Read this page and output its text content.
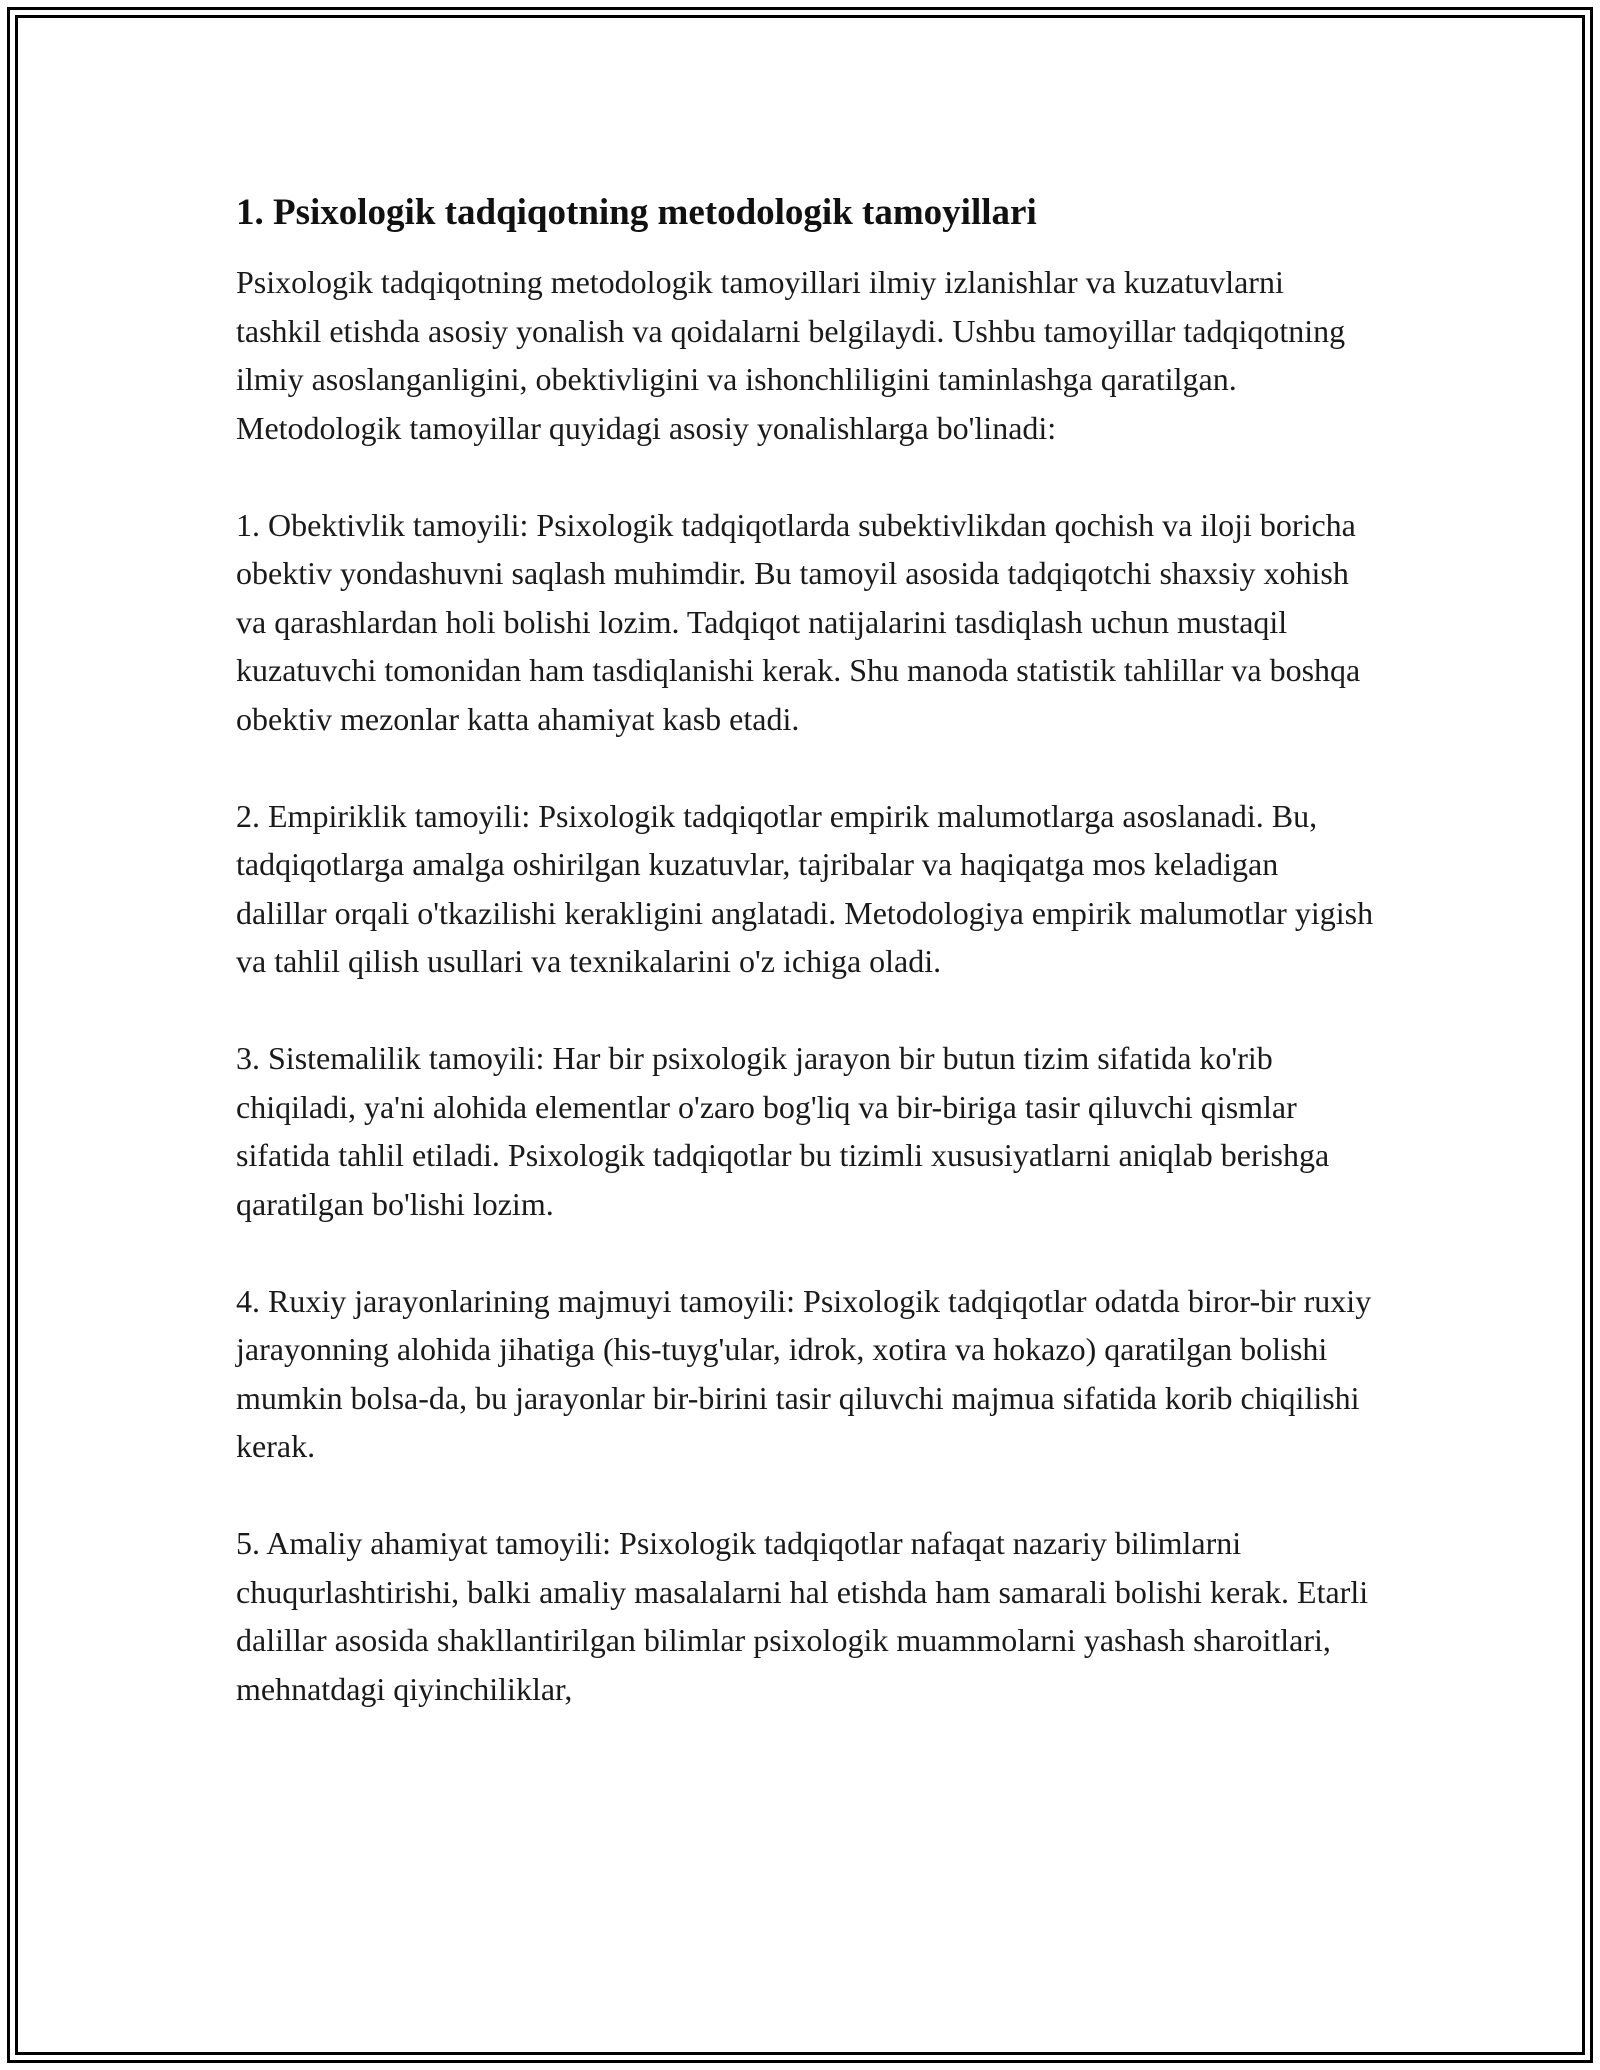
1. Psixologik tadqiqotning metodologik tamoyillari

Psixologik tadqiqotning metodologik tamoyillari ilmiy izlanishlar va kuzatuvlarni tashkil etishda asosiy yonalish va qoidalarni belgilaydi. Ushbu tamoyillar tadqiqotning ilmiy asoslanganligini, obektivligini va ishonchliligini taminlashga qaratilgan. Metodologik tamoyillar quyidagi asosiy yonalishlarga bo'linadi:

1. Obektivlik tamoyili: Psixologik tadqiqotlarda subektivlikdan qochish va iloji boricha obektiv yondashuvni saqlash muhimdir. Bu tamoyil asosida tadqiqotchi shaxsiy xohish va qarashlardan holi bolishi lozim. Tadqiqot natijalarini tasdiqlash uchun mustaqil kuzatuvchi tomonidan ham tasdiqlanishi kerak. Shu manoda statistik tahlillar va boshqa obektiv mezonlar katta ahamiyat kasb etadi.

2. Empiriklik tamoyili: Psixologik tadqiqotlar empirik malumotlarga asoslanadi. Bu, tadqiqotlarga amalga oshirilgan kuzatuvlar, tajribalar va haqiqatga mos keladigan dalillar orqali o'tkazilishi kerakligini anglatadi. Metodologiya empirik malumotlar yigish va tahlil qilish usullari va texnikalarini o'z ichiga oladi.

3. Sistemalilik tamoyili: Har bir psixologik jarayon bir butun tizim sifatida ko'rib chiqiladi, ya'ni alohida elementlar o'zaro bog'liq va bir-biriga tasir qiluvchi qismlar sifatida tahlil etiladi. Psixologik tadqiqotlar bu tizimli xususiyatlarni aniqlab berishga qaratilgan bo'lishi lozim.

4. Ruxiy jarayonlarining majmuyi tamoyili: Psixologik tadqiqotlar odatda biror-bir ruxiy jarayonning alohida jihatiga (his-tuyg'ular, idrok, xotira va hokazo) qaratilgan bolishi mumkin bolsa-da, bu jarayonlar bir-birini tasir qiluvchi majmua sifatida korib chiqilishi kerak.

5. Amaliy ahamiyat tamoyili: Psixologik tadqiqotlar nafaqat nazariy bilimlarni chuqurlashtirishi, balki amaliy masalalarni hal etishda ham samarali bolishi kerak. Etarli dalillar asosida shakllantirilgan bilimlar psixologik muammolarni yashash sharoitlari, mehnatdagi qiyinchiliklar,
